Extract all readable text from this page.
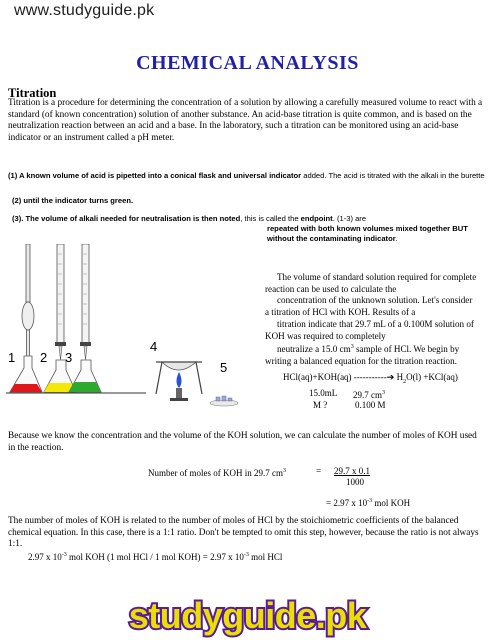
www.studyguide.pk
CHEMICAL ANALYSIS
Titration
Titration is a procedure for determining the concentration of a solution by allowing a carefully measured volume to react with a standard (of known concentration) solution of another substance. An acid-base titration is quite common, and is based on the neutralization reaction between an acid and a base. In the laboratory, such a titration can be monitored using an acid-base indicator or an instrument called a pH meter.
(1) A known volume of acid is pipetted into a conical flask and universal indicator added. The acid is titrated with the alkali in the burette
(2) until the indicator turns green.
(3). The volume of alkali needed for neutralisation is then noted, this is called the endpoint. (1-3) are
repeated with both known volumes mixed together BUT
without the contaminating indicator.
1 2 3
4
5
The volume of standard solution required for complete
reaction can be used to calculate the
concentration of the unknown solution. Let's consider
a titration of HCl with KOH. Results of a
titration indicate that 29.7 mL of a 0.100M solution of
KOH was required to completely
neutralize a 15.0 $cm^3$ sample of HCl. We begin by
writing a balanced equation for the titration reaction.
HCl(aq)+KOH(aq) -----------➔ $H_2O(l) +KCl(aq)$
15.0mL 29.7 $cm^3$
M ?	0.100 M
Because we know the concentration and the volume of the KOH solution, we can calculate the number of moles of KOH used in the reaction.
Number of moles of KOH in 29.7 $cm^3$	= 29.7 x 0.1
1000
= 2.97 x $10^{-3}$ mol KOH
The number of moles of KOH is related to the number of moles of HCl by the stoichiometric coefficients of the balanced chemical equation. In this case, there is a 1:1 ratio. Don't be tempted to omit this step, however, because the ratio is not always 1:1.
2.97 x $10^{-3}$ mol KOH (1 mol HCl / 1 mol KOH) = 2.97 x $10^{-3}$ mol HCl
studyguide.pk
